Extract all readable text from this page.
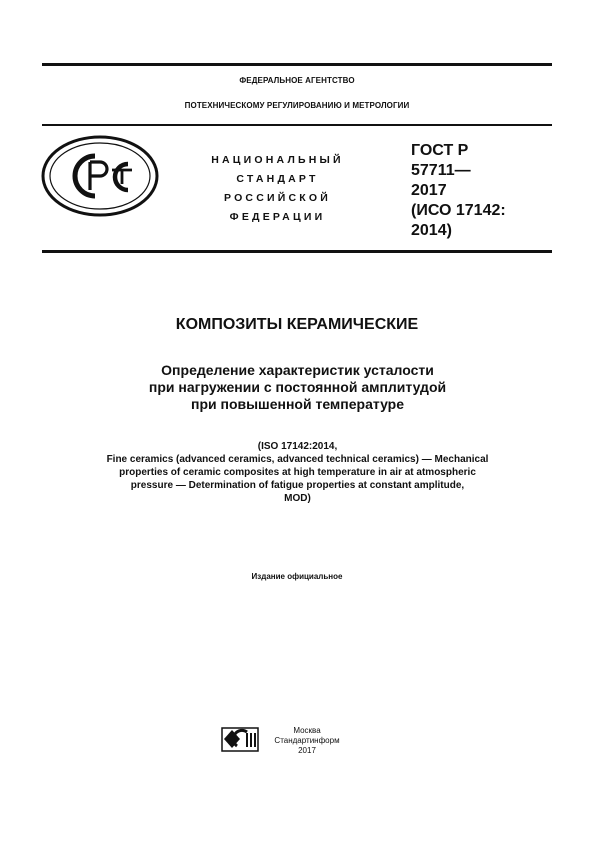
ФЕДЕРАЛЬНОЕ АГЕНТСТВО
ПОТЕХНИЧЕСКОМУ РЕГУЛИРОВАНИЮ И МЕТРОЛОГИИ
НАЦИОНАЛЬНЫЙ
СТАНДАРТ
РОССИЙСКОЙ
ФЕДЕРАЦИИ
ГОСТ Р
57711—
2017
(ИСО 17142:
2014)
КОМПОЗИТЫ КЕРАМИЧЕСКИЕ
Определение характеристик усталости
при нагружении с постоянной амплитудой
при повышенной температуре
(ISO 17142:2014,
Fine ceramics (advanced ceramics, advanced technical ceramics) — Mechanical
properties of ceramic composites at high temperature in air at atmospheric
pressure — Determination of fatigue properties at constant amplitude,
MOD)
Издание официальное
Москва
Стандартинформ
2017
